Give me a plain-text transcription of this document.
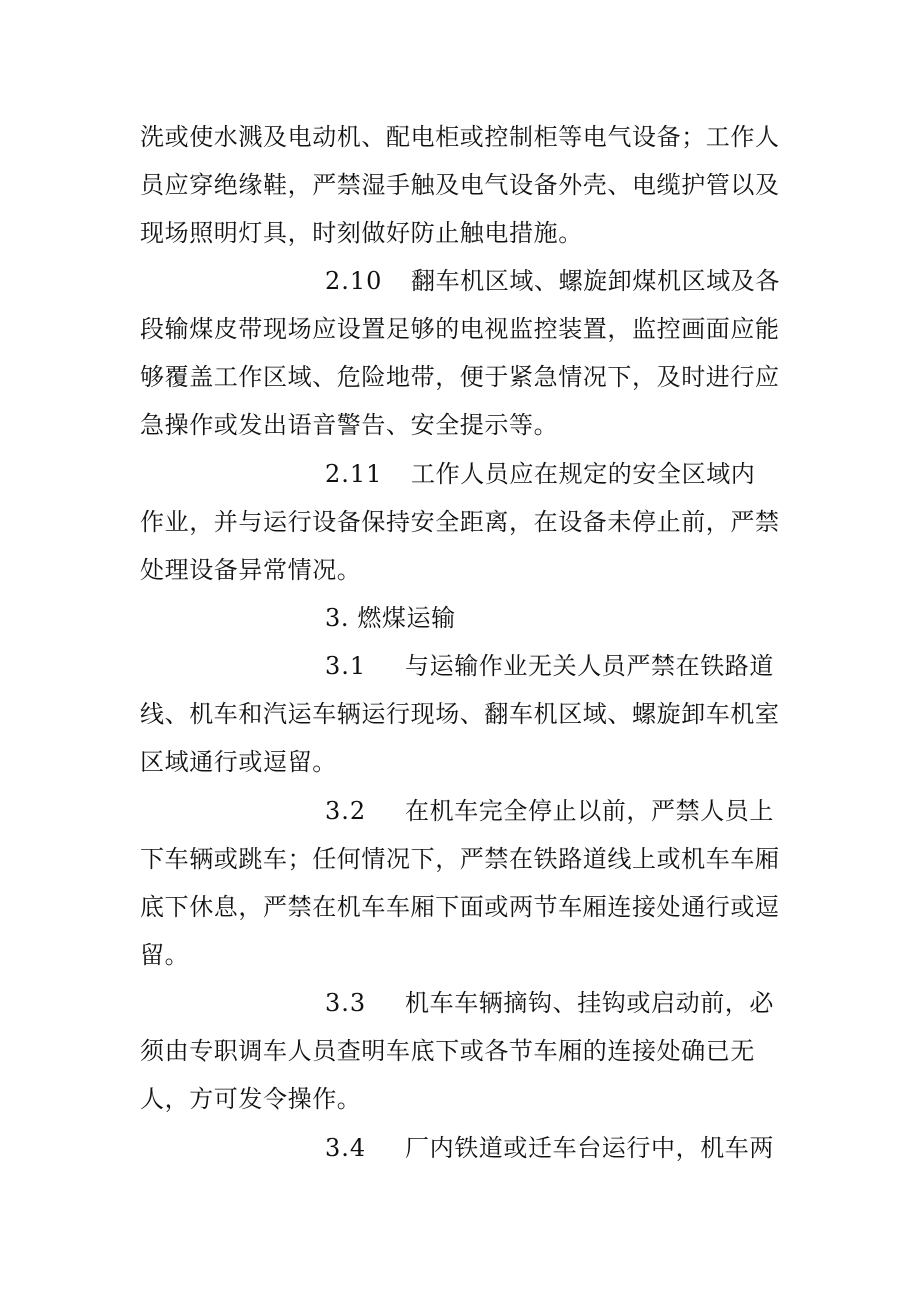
洗或使水溅及电动机、配电柜或控制柜等电气设备；工作人
员应穿绝缘鞋，严禁湿手触及电气设备外壳、电缆护管以及
现场照明灯具，时刻做好防止触电措施。
2.10 翻车机区域、螺旋卸煤机区域及各
段输煤皮带现场应设置足够的电视监控装置，监控画面应能
够覆盖工作区域、危险地带，便于紧急情况下，及时进行应
急操作或发出语音警告、安全提示等。
2.11 工作人员应在规定的安全区域内
作业，并与运行设备保持安全距离，在设备未停止前，严禁
处理设备异常情况。
3. 燃煤运输
3.1 与运输作业无关人员严禁在铁路道
线、机车和汽运车辆运行现场、翻车机区域、螺旋卸车机室
区域通行或逗留。
3.2 在机车完全停止以前，严禁人员上
下车辆或跳车；任何情况下，严禁在铁路道线上或机车车厢
底下休息，严禁在机车车厢下面或两节车厢连接处通行或逗
留。
3.3 机车车辆摘钩、挂钩或启动前，必
须由专职调车人员查明车底下或各节车厢的连接处确已无
人，方可发令操作。
3.4 厂内铁道或迁车台运行中，机车两
